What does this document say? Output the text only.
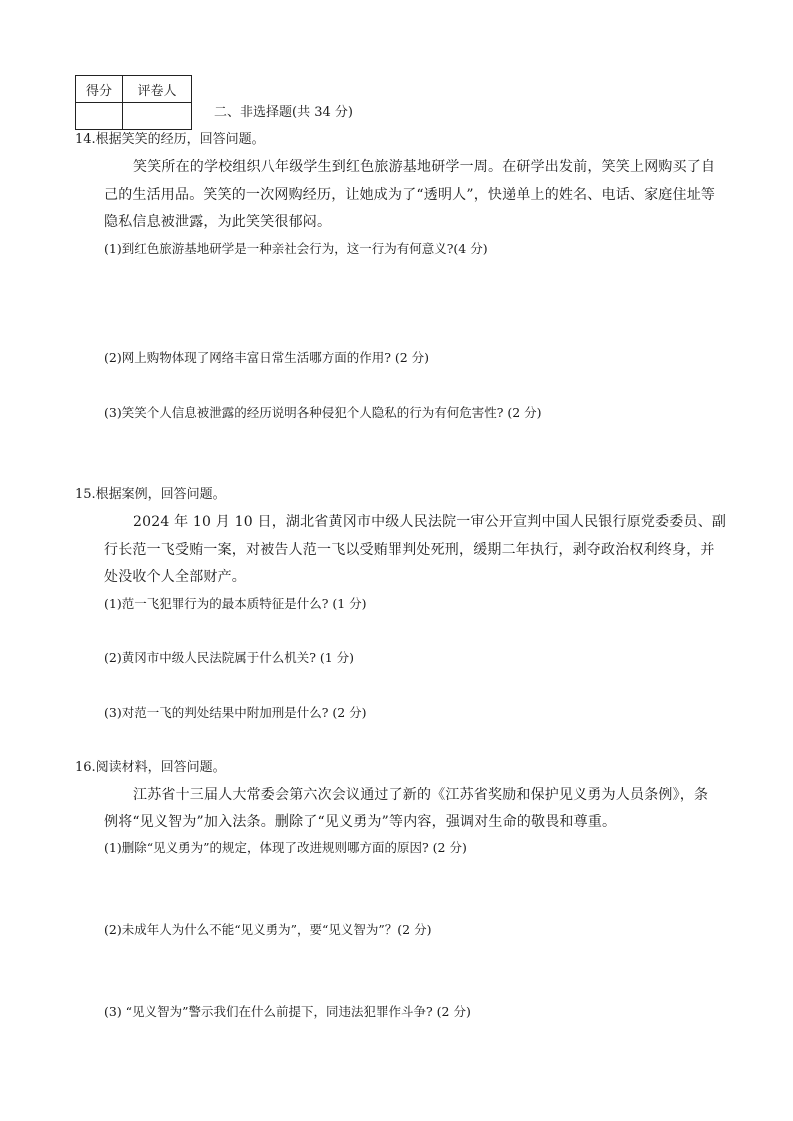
得分	评卷人

二、非选择题(共 34 分)
14.根据笑笑的经历，回答问题。
笑笑所在的学校组织八年级学生到红色旅游基地研学一周。在研学出发前，笑笑上网购买了自
己的生活用品。笑笑的一次网购经历，让她成为了“透明人”，快递单上的姓名、电话、家庭住址等
隐私信息被泄露，为此笑笑很郁闷。
(1)到红色旅游基地研学是一种亲社会行为，这一行为有何意义?(4 分)
(2)网上购物体现了网络丰富日常生活哪方面的作用? (2 分)
(3)笑笑个人信息被泄露的经历说明各种侵犯个人隐私的行为有何危害性? (2 分)
15.根据案例，回答问题。
2024 年 10 月 10 日，湖北省黄冈市中级人民法院一审公开宣判中国人民银行原党委委员、副
行长范一飞受贿一案，对被告人范一飞以受贿罪判处死刑，缓期二年执行，剥夺政治权利终身，并
处没收个人全部财产。
(1)范一飞犯罪行为的最本质特征是什么? (1 分)
(2)黄冈市中级人民法院属于什么机关? (1 分)
(3)对范一飞的判处结果中附加刑是什么? (2 分)
16.阅读材料，回答问题。
江苏省十三届人大常委会第六次会议通过了新的《江苏省奖励和保护见义勇为人员条例》，条
例将“见义智为”加入法条。删除了“见义勇为”等内容，强调对生命的敬畏和尊重。
(1)删除“见义勇为”的规定，体现了改进规则哪方面的原因? (2 分)
(2)未成年人为什么不能“见义勇为”，要“见义智为”？(2 分)
(3) “见义智为”警示我们在什么前提下，同违法犯罪作斗争? (2 分)
